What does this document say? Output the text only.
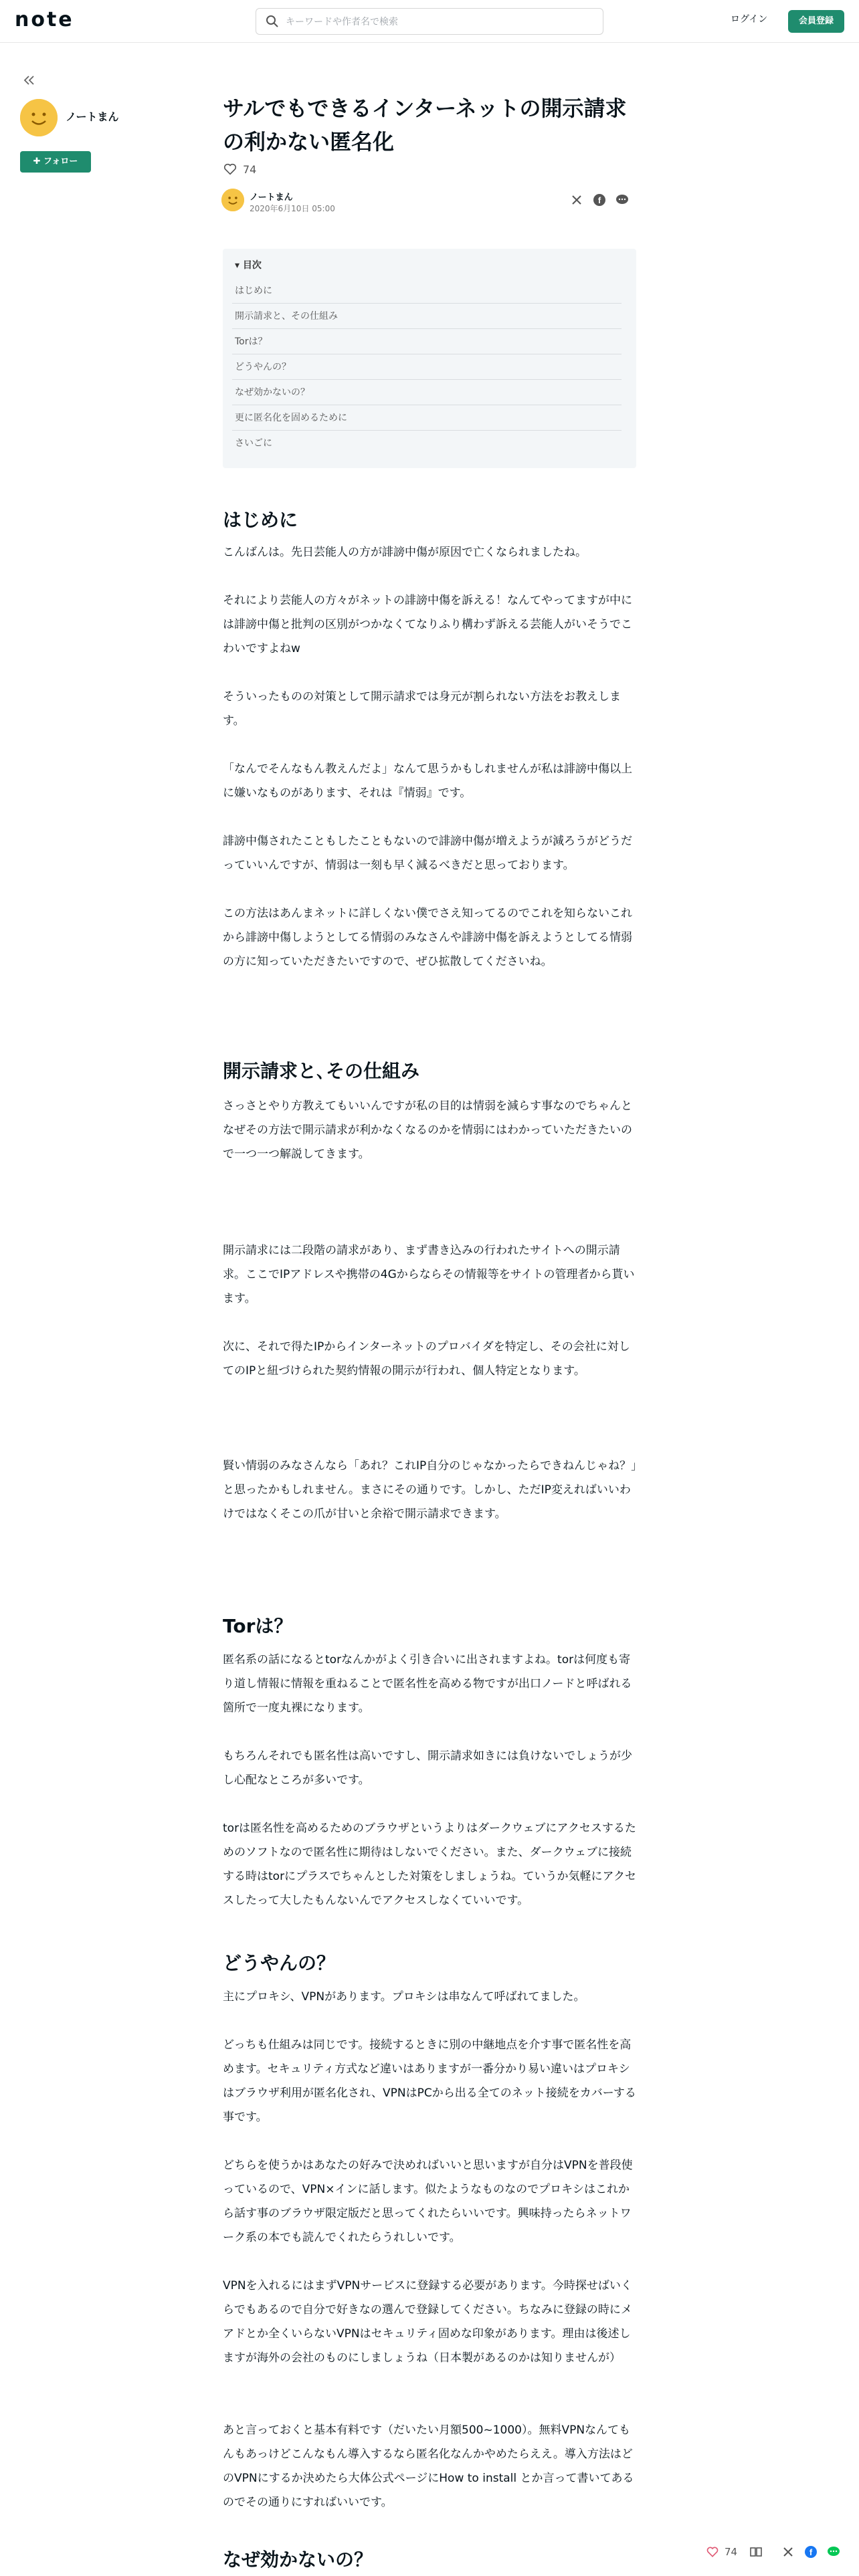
note
キーワードや作者名で検索	ログイン	会員登録
ノートまん
✚ フォロー
サルでもできるインターネットの開示請求の利かない匿名化
74
ノートまん
2020年6月10日 05:00
f
▾ 目次
はじめに
開示請求と、その仕組み
Torは？
どうやんの？
なぜ効かないの？
更に匿名化を固めるために
さいごに
はじめに

こんばんは。先日芸能人の方が誹謗中傷が原因で亡くなられましたね。

それにより芸能人の方々がネットの誹謗中傷を訴える！なんてやってますが中には誹謗中傷と批判の区別がつかなくてなりふり構わず訴える芸能人がいそうでこわいですよねw

そういったものの対策として開示請求では身元が割られない方法をお教えします。

「なんでそんなもん教えんだよ」なんて思うかもしれませんが私は誹謗中傷以上に嫌いなものがあります、それは『情弱』です。

誹謗中傷されたこともしたこともないので誹謗中傷が増えようが減ろうがどうだっていいんですが、情弱は一刻も早く減るべきだと思っております。

この方法はあんまネットに詳しくない僕でさえ知ってるのでこれを知らないこれから誹謗中傷しようとしてる情弱のみなさんや誹謗中傷を訴えようとしてる情弱の方に知っていただきたいですので、ぜひ拡散してくださいね。

開示請求と､その仕組み

さっさとやり方教えてもいいんですが私の目的は情弱を減らす事なのでちゃんとなぜその方法で開示請求が利かなくなるのかを情弱にはわかっていただきたいので一つ一つ解説してきます。

開示請求には二段階の請求があり、まず書き込みの行われたサイトへの開示請求。ここでIPアドレスや携帯の4Gからならその情報等をサイトの管理者から貰います。

次に、それで得たIPからインターネットのプロバイダを特定し、その会社に対してのIPと紐づけられた契約情報の開示が行われ、個人特定となります。

賢い情弱のみなさんなら「あれ？これIP自分のじゃなかったらできねんじゃね？」と思ったかもしれません。まさにその通りです。しかし、ただIP変えればいいわけではなくそこの爪が甘いと余裕で開示請求できます。

Torは？

匿名系の話になるとtorなんかがよく引き合いに出されますよね。torは何度も寄り道し情報に情報を重ねることで匿名性を高める物ですが出口ノードと呼ばれる箇所で一度丸裸になります。

もちろんそれでも匿名性は高いですし、開示請求如きには負けないでしょうが少し心配なところが多いです。

torは匿名性を高めるためのブラウザというよりはダークウェブにアクセスするためのソフトなので匿名性に期待はしないでください。また、ダークウェブに接続する時はtorにプラスでちゃんとした対策をしましょうね。ていうか気軽にアクセスしたって大したもんないんでアクセスしなくていいです。

どうやんの？

主にプロキシ、VPNがあります。プロキシは串なんて呼ばれてました。

どっちも仕組みは同じです。接続するときに別の中継地点を介す事で匿名性を高めます。セキュリティ方式など違いはありますが一番分かり易い違いはプロキシはブラウザ利用が匿名化され、VPNはPCから出る全てのネット接続をカバーする事です。

どちらを使うかはあなたの好みで決めればいいと思いますが自分はVPNを普段使っているので、VPN×インに話します。似たようなものなのでプロキシはこれから話す事のブラウザ限定版だと思ってくれたらいいです。興味持ったらネットワーク系の本でも読んでくれたらうれしいです。

VPNを入れるにはまずVPNサービスに登録する必要があります。今時探せばいくらでもあるので自分で好きなの選んで登録してください。ちなみに登録の時にメアドとか全くいらないVPNはセキュリティ固めな印象があります。理由は後述しますが海外の会社のものにしましょうね（日本製があるのかは知りませんが）

あと言っておくと基本有料です（だいたい月額500~1000）。無料VPNなんてもんもあっけどこんなもん導入するなら匿名化なんかやめたらええ。導入方法はどのVPNにするか決めたら大体公式ページにHow to install とか言って書いてあるのでその通りにすればいいです。

なぜ効かないの？	74	f
